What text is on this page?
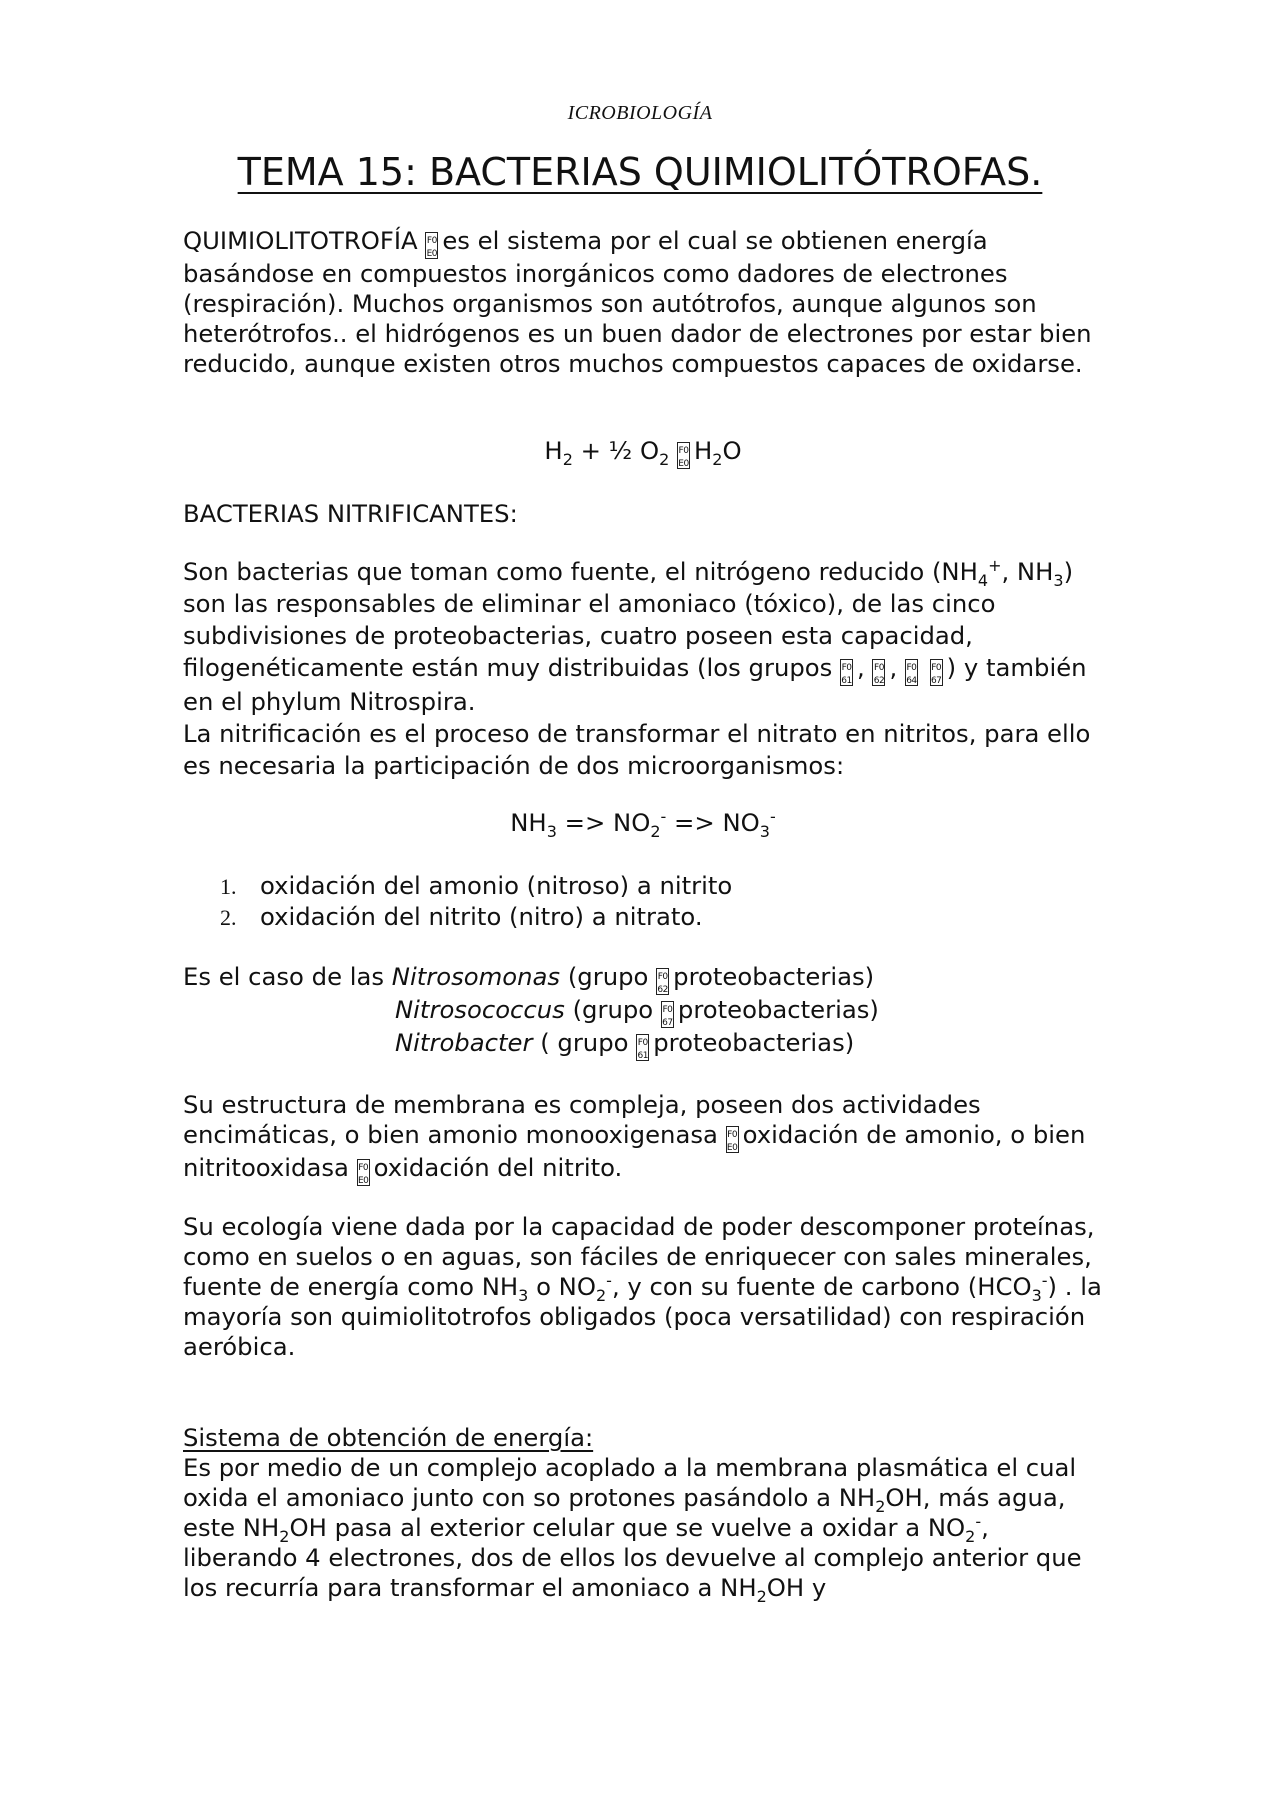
ICROBIOLOGÍA
TEMA 15: BACTERIAS QUIMIOLITÓTROFAS.

QUIMIOLITOTROFÍA F0
E0 es el sistema por el cual se obtienen energía basándose en compuestos inorgánicos como dadores de electrones (respiración). Muchos organismos son autótrofos, aunque algunos son heterótrofos.. el hidrógenos es un buen dador de electrones por estar bien reducido, aunque existen otros muchos compuestos capaces de oxidarse.

$H_2$ + ½ $O_2$ F0
E0 $H_2O$
BACTERIAS NITRIFICANTES:

Son bacterias que toman como fuente, el nitrógeno reducido ($NH_4^+$, $NH_3$) son las responsables de eliminar el amoniaco (tóxico), de las cinco subdivisiones de proteobacterias, cuatro poseen esta capacidad, filogenéticamente están muy distribuidas (los grupos F0
61 , F0
62 , F0
64

F0
67 ) y también en el phylum Nitrospira.
La nitrificación es el proceso de transformar el nitrato en nitritos, para ello es necesaria la participación de dos microorganismos:

$NH_3 => NO_2^- => NO_3^-$
1. oxidación del amonio (nitroso) a nitrito
2. oxidación del nitrito (nitro) a nitrato.
Es el caso de las Nitrosomonas (grupo F0
62 proteobacterias)
Nitrosococcus (grupo F0
67 proteobacterias)
Nitrobacter ( grupo F0
61 proteobacterias)

Su estructura de membrana es compleja, poseen dos actividades encimáticas, o bien amonio monooxigenasa F0
E0 oxidación de amonio, o bien nitritooxidasa F0
E0 oxidación del nitrito.

Su ecología viene dada por la capacidad de poder descomponer proteínas, como en suelos o en aguas, son fáciles de enriquecer con sales minerales, fuente de energía como $NH_3$ o $NO_2^-$, y con su fuente de carbono $(HCO_3^-)$ . la mayoría son quimiolitotrofos obligados (poca versatilidad) con respiración aeróbica.

Sistema de obtención de energía:

Es por medio de un complejo acoplado a la membrana plasmática el cual oxida el amoniaco junto con so protones pasándolo a $NH_2OH$, más agua, este $NH_2OH$ pasa al exterior celular que se vuelve a oxidar a $NO_2^-$, liberando 4 electrones, dos de ellos los devuelve al complejo anterior que los recurría para transformar el amoniaco a $NH_2OH$ y
